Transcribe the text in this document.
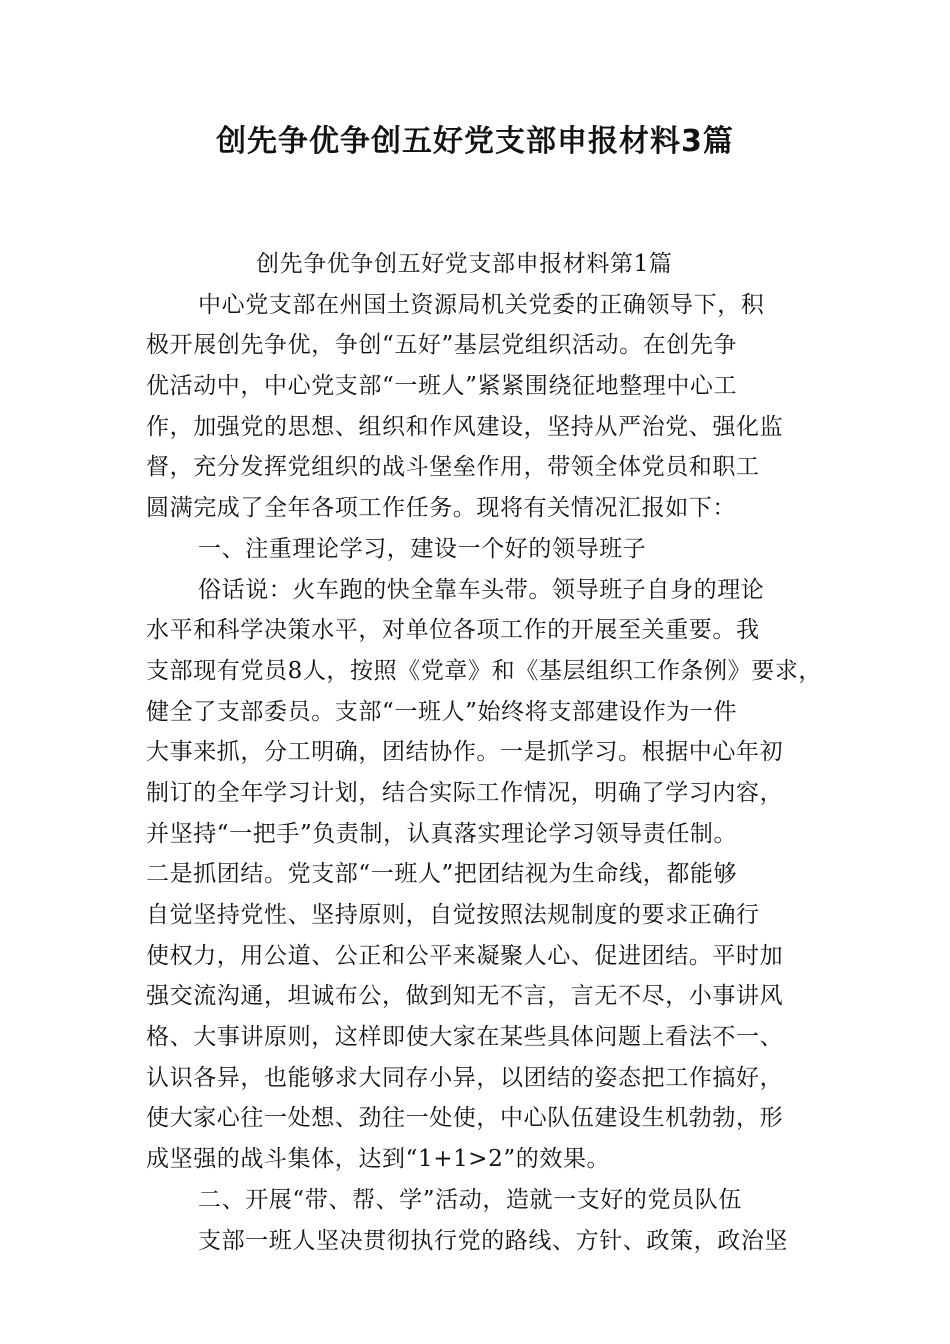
创先争优争创五好党支部申报材料3篇
创先争优争创五好党支部申报材料第1篇
中心党支部在州国土资源局机关党委的正确领导下，积
极开展创先争优，争创“五好”基层党组织活动。在创先争
优活动中，中心党支部“一班人”紧紧围绕征地整理中心工
作，加强党的思想、组织和作风建设，坚持从严治党、强化监
督，充分发挥党组织的战斗堡垒作用，带领全体党员和职工
圆满完成了全年各项工作任务。现将有关情况汇报如下：
一、注重理论学习，建设一个好的领导班子
俗话说：火车跑的快全靠车头带。领导班子自身的理论
水平和科学决策水平，对单位各项工作的开展至关重要。我
支部现有党员8人，按照《党章》和《基层组织工作条例》要求，
健全了支部委员。支部“一班人”始终将支部建设作为一件
大事来抓，分工明确，团结协作。一是抓学习。根据中心年初
制订的全年学习计划，结合实际工作情况，明确了学习内容，
并坚持“一把手”负责制，认真落实理论学习领导责任制。
二是抓团结。党支部“一班人”把团结视为生命线，都能够
自觉坚持党性、坚持原则，自觉按照法规制度的要求正确行
使权力，用公道、公正和公平来凝聚人心、促进团结。平时加
强交流沟通，坦诚布公，做到知无不言，言无不尽，小事讲风
格、大事讲原则，这样即使大家在某些具体问题上看法不一、
认识各异，也能够求大同存小异，以团结的姿态把工作搞好，
使大家心往一处想、劲往一处使，中心队伍建设生机勃勃，形
成坚强的战斗集体，达到“1+1>2”的效果。
二、开展“带、帮、学”活动，造就一支好的党员队伍
支部一班人坚决贯彻执行党的路线、方针、政策，政治坚
